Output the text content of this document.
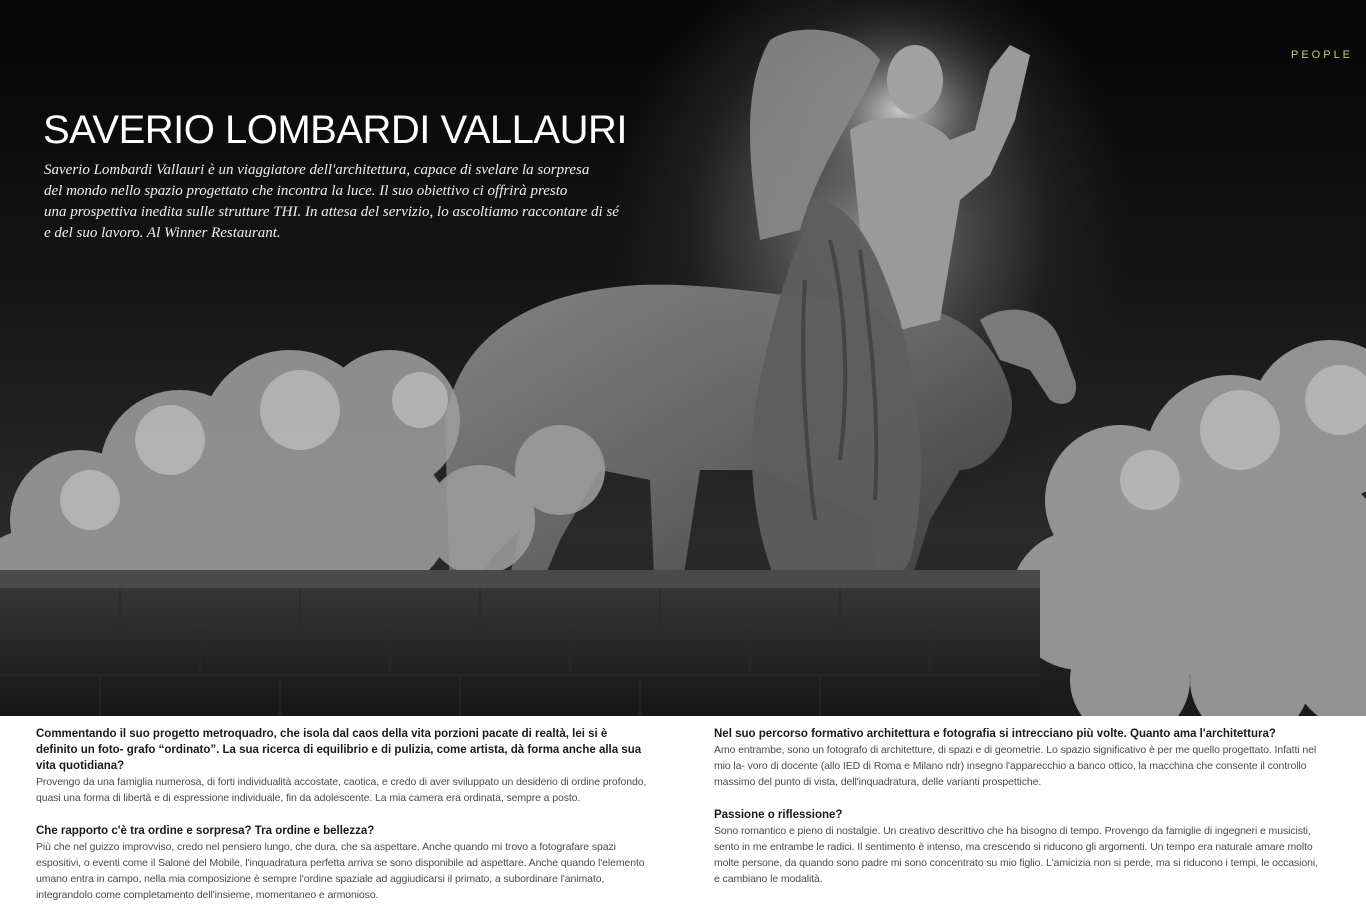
PEOPLE
SAVERIO LOMBARDI VALLAURI
Saverio Lombardi Vallauri è un viaggiatore dell'architettura, capace di svelare la sorpresa
del mondo nello spazio progettato che incontra la luce. Il suo obiettivo ci offrirà presto
una prospettiva inedita sulle strutture THI. In attesa del servizio, lo ascoltiamo raccontare di sé
e del suo lavoro. Al Winner Restaurant.

Commentando il suo progetto metroquadro, che isola dal caos della vita porzioni pacate di realtà, lei si è definito un foto- grafo “ordinato”. La sua ricerca di equilibrio e di pulizia, come artista, dà forma anche alla sua vita quotidiana?

Provengo da una famiglia numerosa, di forti individualità accostate, caotica, e credo di aver sviluppato un desiderio di ordine profondo, quasi una forma di libertà e di espressione individuale, fin da adolescente. La mia camera era ordinata, sempre a posto.

Che rapporto c'è tra ordine e sorpresa? Tra ordine e bellezza?

Più che nel guizzo improvviso, credo nel pensiero lungo, che dura, che sa aspettare. Anche quando mi trovo a fotografare spazi espositivi, o eventi come il Salone del Mobile, l'inquadratura perfetta arriva se sono disponibile ad aspettare. Anche quando l'elemento umano entra in campo, nella mia composizione è sempre l'ordine spaziale ad aggiudicarsi il primato, a subordinare l'animato, integrandolo come completamento dell'insieme, momentaneo e armonioso.

Nel suo percorso formativo architettura e fotografia si intrecciano più volte. Quanto ama l'architettura?

Amo entrambe, sono un fotografo di architetture, di spazi e di geometrie. Lo spazio significativo è per me quello progettato. Infatti nel mio la- voro di docente (allo IED di Roma e Milano ndr) insegno l'apparecchio a banco ottico, la macchina che consente il controllo massimo del punto di vista, dell'inquadratura, delle varianti prospettiche.

Passione o riflessione?

Sono romantico e pieno di nostalgie. Un creativo descrittivo che ha bisogno di tempo. Provengo da famiglie di ingegneri e musicisti, sento in me entrambe le radici. Il sentimento è intenso, ma crescendo si riducono gli argomenti. Un tempo era naturale amare molto molte persone, da quando sono padre mi sono concentrato su mio figlio. L'amicizia non si perde, ma si riducono i tempi, le occasioni, e cambiano le modalità.
